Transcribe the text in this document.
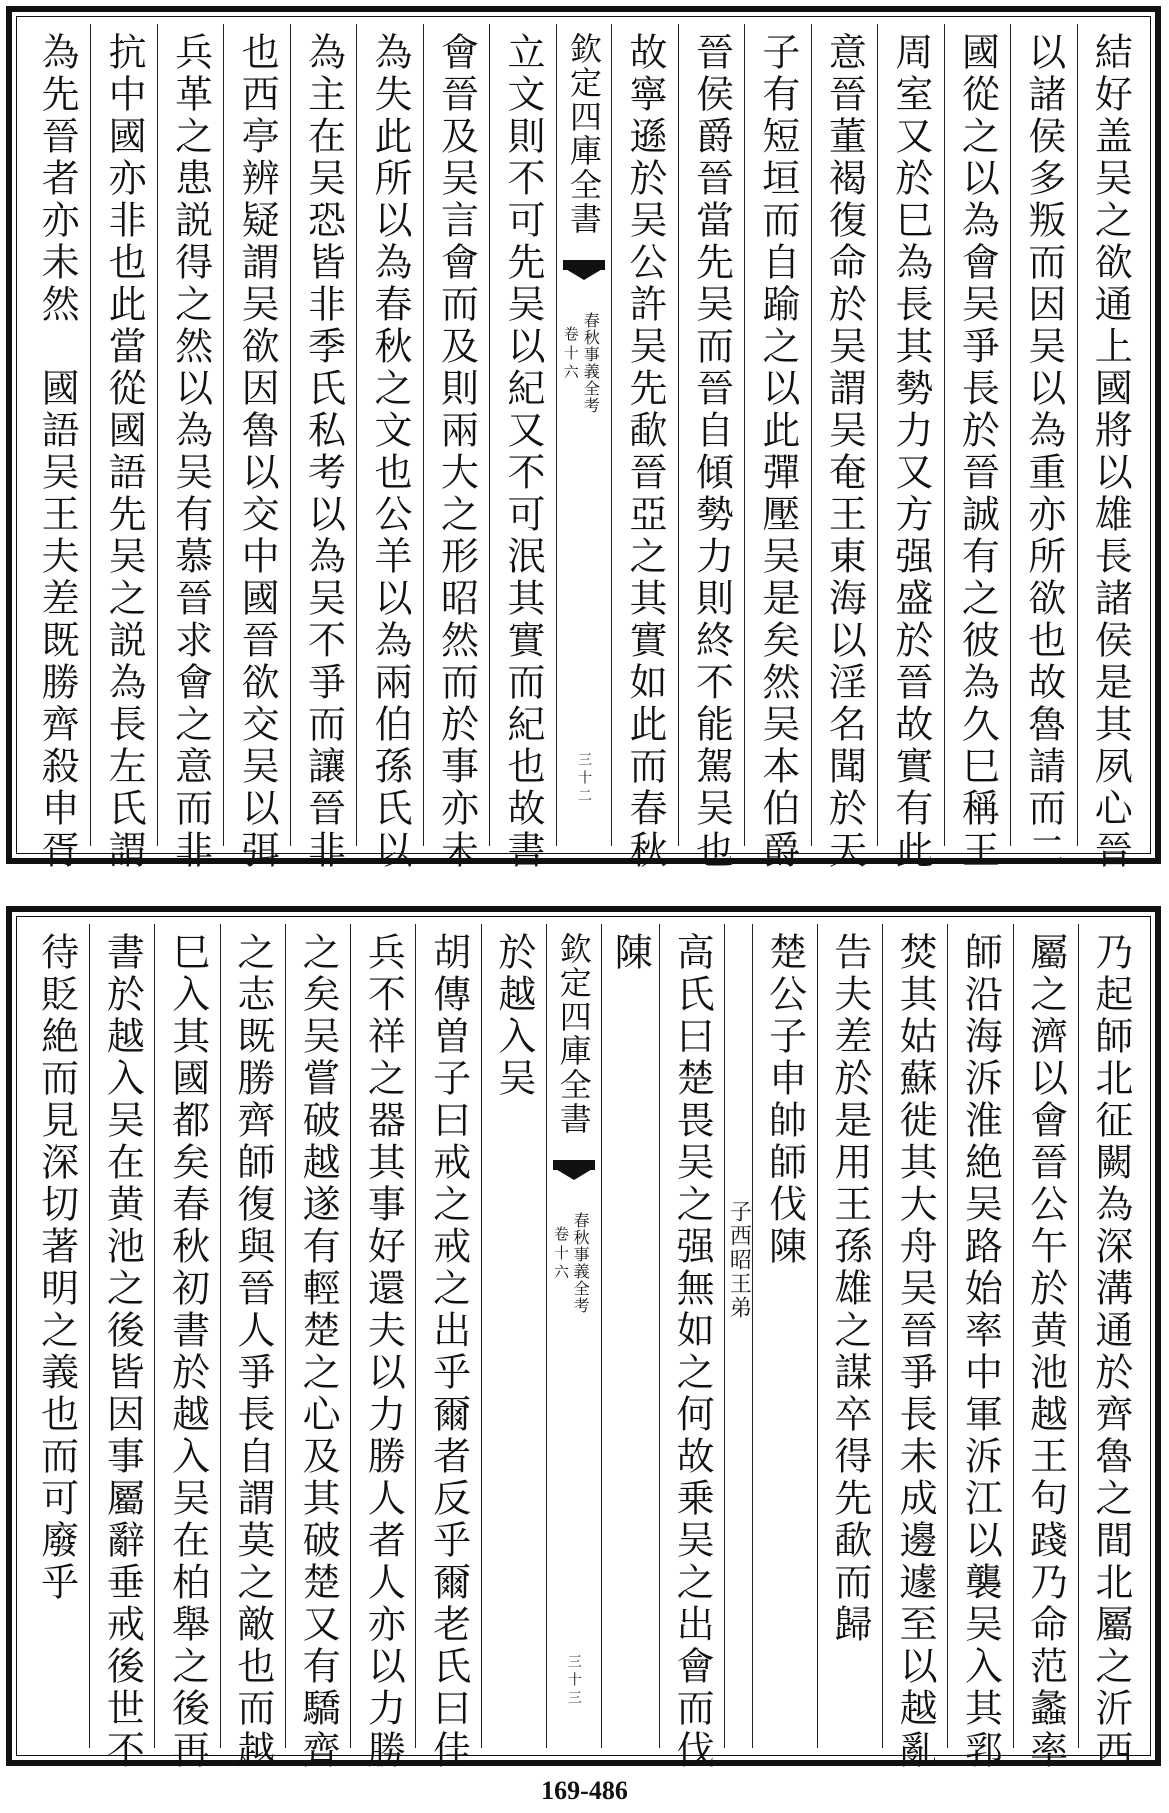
結好盖吴之欲通上國將以雄長諸侯是其夙心晉
以諸侯多叛而因吴以為重亦所欲也故魯請而二
國從之以為會吴爭長於晉誠有之彼為久巳稱王
周室又於巳為長其勢力又方强盛於晉故實有此
意晉董褐復命於吴謂吴奄王東海以淫名聞於天
子有短垣而自踰之以此彈壓吴是矣然吴本伯爵
晉侯爵晉當先吴而晉自傾勢力則終不能駕吴也
故寧遜於吴公許吴先歃晉亞之其實如此而春秋
欽定四庫全書
春秋事義全考
卷十六
三十二
立文則不可先吴以紀又不可泯其實而紀也故書
會晉及吴言會而及則兩大之形昭然而於事亦未
為失此所以為春秋之文也公羊以為兩伯孫氏以
為主在吴恐皆非季氏私考以為吴不爭而讓晉非
也西亭辨疑謂吴欲因魯以交中國晉欲交吴以弭
兵革之患説得之然以為吴有慕晉求會之意而非
抗中國亦非也此當從國語先吴之説為長左氏謂
為先晉者亦未然　國語吴王夫差既勝齊殺申胥
乃起師北征闕為深溝通於齊魯之間北屬之沂西
屬之濟以會晉公午於黄池越王句踐乃命范蠡率
師沿海泝淮絶吴路始率中軍泝江以襲吴入其郛
焚其姑蘇徙其大舟吴晉爭長未成邊遽至以越亂
告夫差於是用王孫雄之謀卒得先歃而歸
楚公子申帥師伐陳
子西昭王弟
高氏曰楚畏吴之强無如之何故乗吴之出會而伐
陳
欽定四庫全書
春秋事義全考
卷十六
三十三
於越入吴
胡傳曽子曰戒之戒之出乎爾者反乎爾老氏曰佳
兵不祥之器其事好還夫以力勝人者人亦以力勝
之矣吴嘗破越遂有輕楚之心及其破楚又有驕齊
之志既勝齊師復與晉人爭長自謂莫之敵也而越
巳入其國都矣春秋初書於越入吴在柏舉之後再
書於越入吴在黄池之後皆因事屬辭垂戒後世不
待貶絶而見深切著明之義也而可廢乎
169-486
